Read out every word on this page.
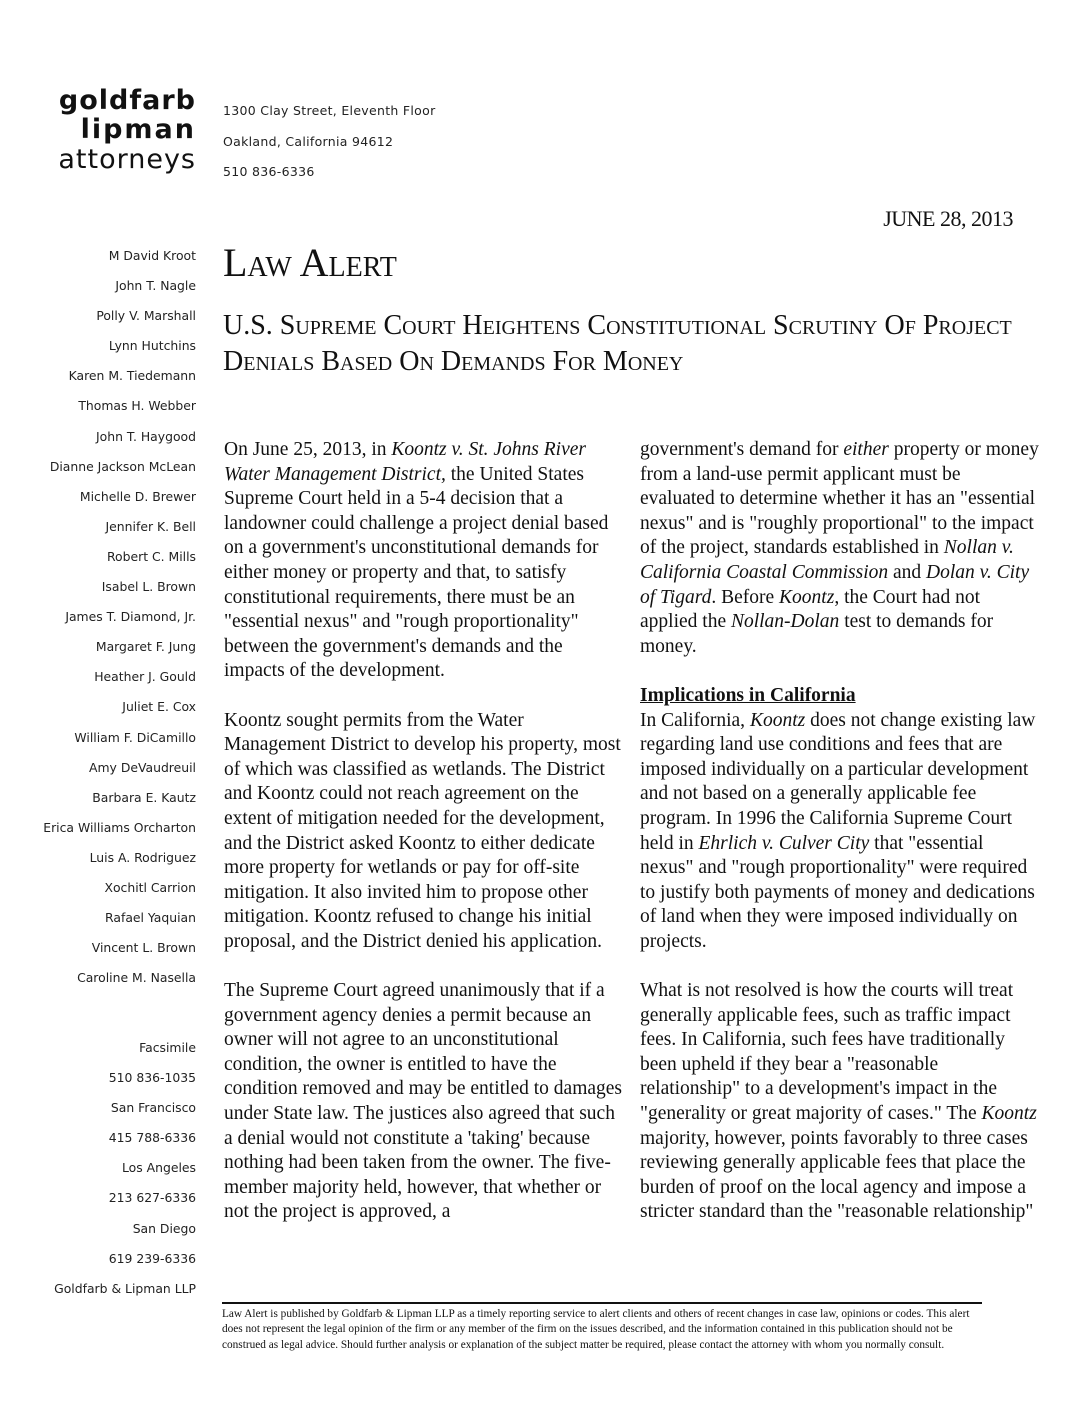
goldfarb
lipman
attorneys
1300 Clay Street, Eleventh Floor
Oakland, California 94612
510 836-6336
JUNE 28, 2013
M David Kroot
John T. Nagle
Polly V. Marshall
Lynn Hutchins
Karen M. Tiedemann
Thomas H. Webber
John T. Haygood
Dianne Jackson McLean
Michelle D. Brewer
Jennifer K. Bell
Robert C. Mills
Isabel L. Brown
James T. Diamond, Jr.
Margaret F. Jung
Heather J. Gould
Juliet E. Cox
William F. DiCamillo
Amy DeVaudreuil
Barbara E. Kautz
Erica Williams Orcharton
Luis A. Rodriguez
Xochitl Carrion
Rafael Yaquian
Vincent L. Brown
Caroline M. Nasella
Facsimile
510 836-1035
San Francisco
415 788-6336
Los Angeles
213 627-6336
San Diego
619 239-6336
Goldfarb & Lipman LLP
Law Alert
U.S. Supreme Court Heightens Constitutional Scrutiny Of Project Denials Based On Demands For Money

On June 25, 2013, in Koontz v. St. Johns River Water Management District, the United States Supreme Court held in a 5-4 decision that a landowner could challenge a project denial based on a government's unconstitutional demands for either money or property and that, to satisfy constitutional requirements, there must be an "essential nexus" and "rough proportionality" between the government's demands and the impacts of the development.

Koontz sought permits from the Water Management District to develop his property, most of which was classified as wetlands. The District and Koontz could not reach agreement on the extent of mitigation needed for the development, and the District asked Koontz to either dedicate more property for wetlands or pay for off-site mitigation. It also invited him to propose other mitigation. Koontz refused to change his initial proposal, and the District denied his application.

The Supreme Court agreed unanimously that if a government agency denies a permit because an owner will not agree to an unconstitutional condition, the owner is entitled to have the condition removed and may be entitled to damages under State law. The justices also agreed that such a denial would not constitute a 'taking' because nothing had been taken from the owner. The five-member majority held, however, that whether or not the project is approved, a

government's demand for either property or money from a land-use permit applicant must be evaluated to determine whether it has an "essential nexus" and is "roughly proportional" to the impact of the project, standards established in Nollan v. California Coastal Commission and Dolan v. City of Tigard. Before Koontz, the Court had not applied the Nollan-Dolan test to demands for money.

Implications in California
In California, Koontz does not change existing law regarding land use conditions and fees that are imposed individually on a particular development and not based on a generally applicable fee program. In 1996 the California Supreme Court held in Ehrlich v. Culver City that "essential nexus" and "rough proportionality" were required to justify both payments of money and dedications of land when they were imposed individually on projects.

What is not resolved is how the courts will treat generally applicable fees, such as traffic impact fees. In California, such fees have traditionally been upheld if they bear a "reasonable relationship" to a development's impact in the "generality or great majority of cases." The Koontz majority, however, points favorably to three cases reviewing generally applicable fees that place the burden of proof on the local agency and impose a stricter standard than the "reasonable relationship"

Law Alert is published by Goldfarb & Lipman LLP as a timely reporting service to alert clients and others of recent changes in case law, opinions or codes. This alert does not represent the legal opinion of the firm or any member of the firm on the issues described, and the information contained in this publication should not be construed as legal advice. Should further analysis or explanation of the subject matter be required, please contact the attorney with whom you normally consult.
